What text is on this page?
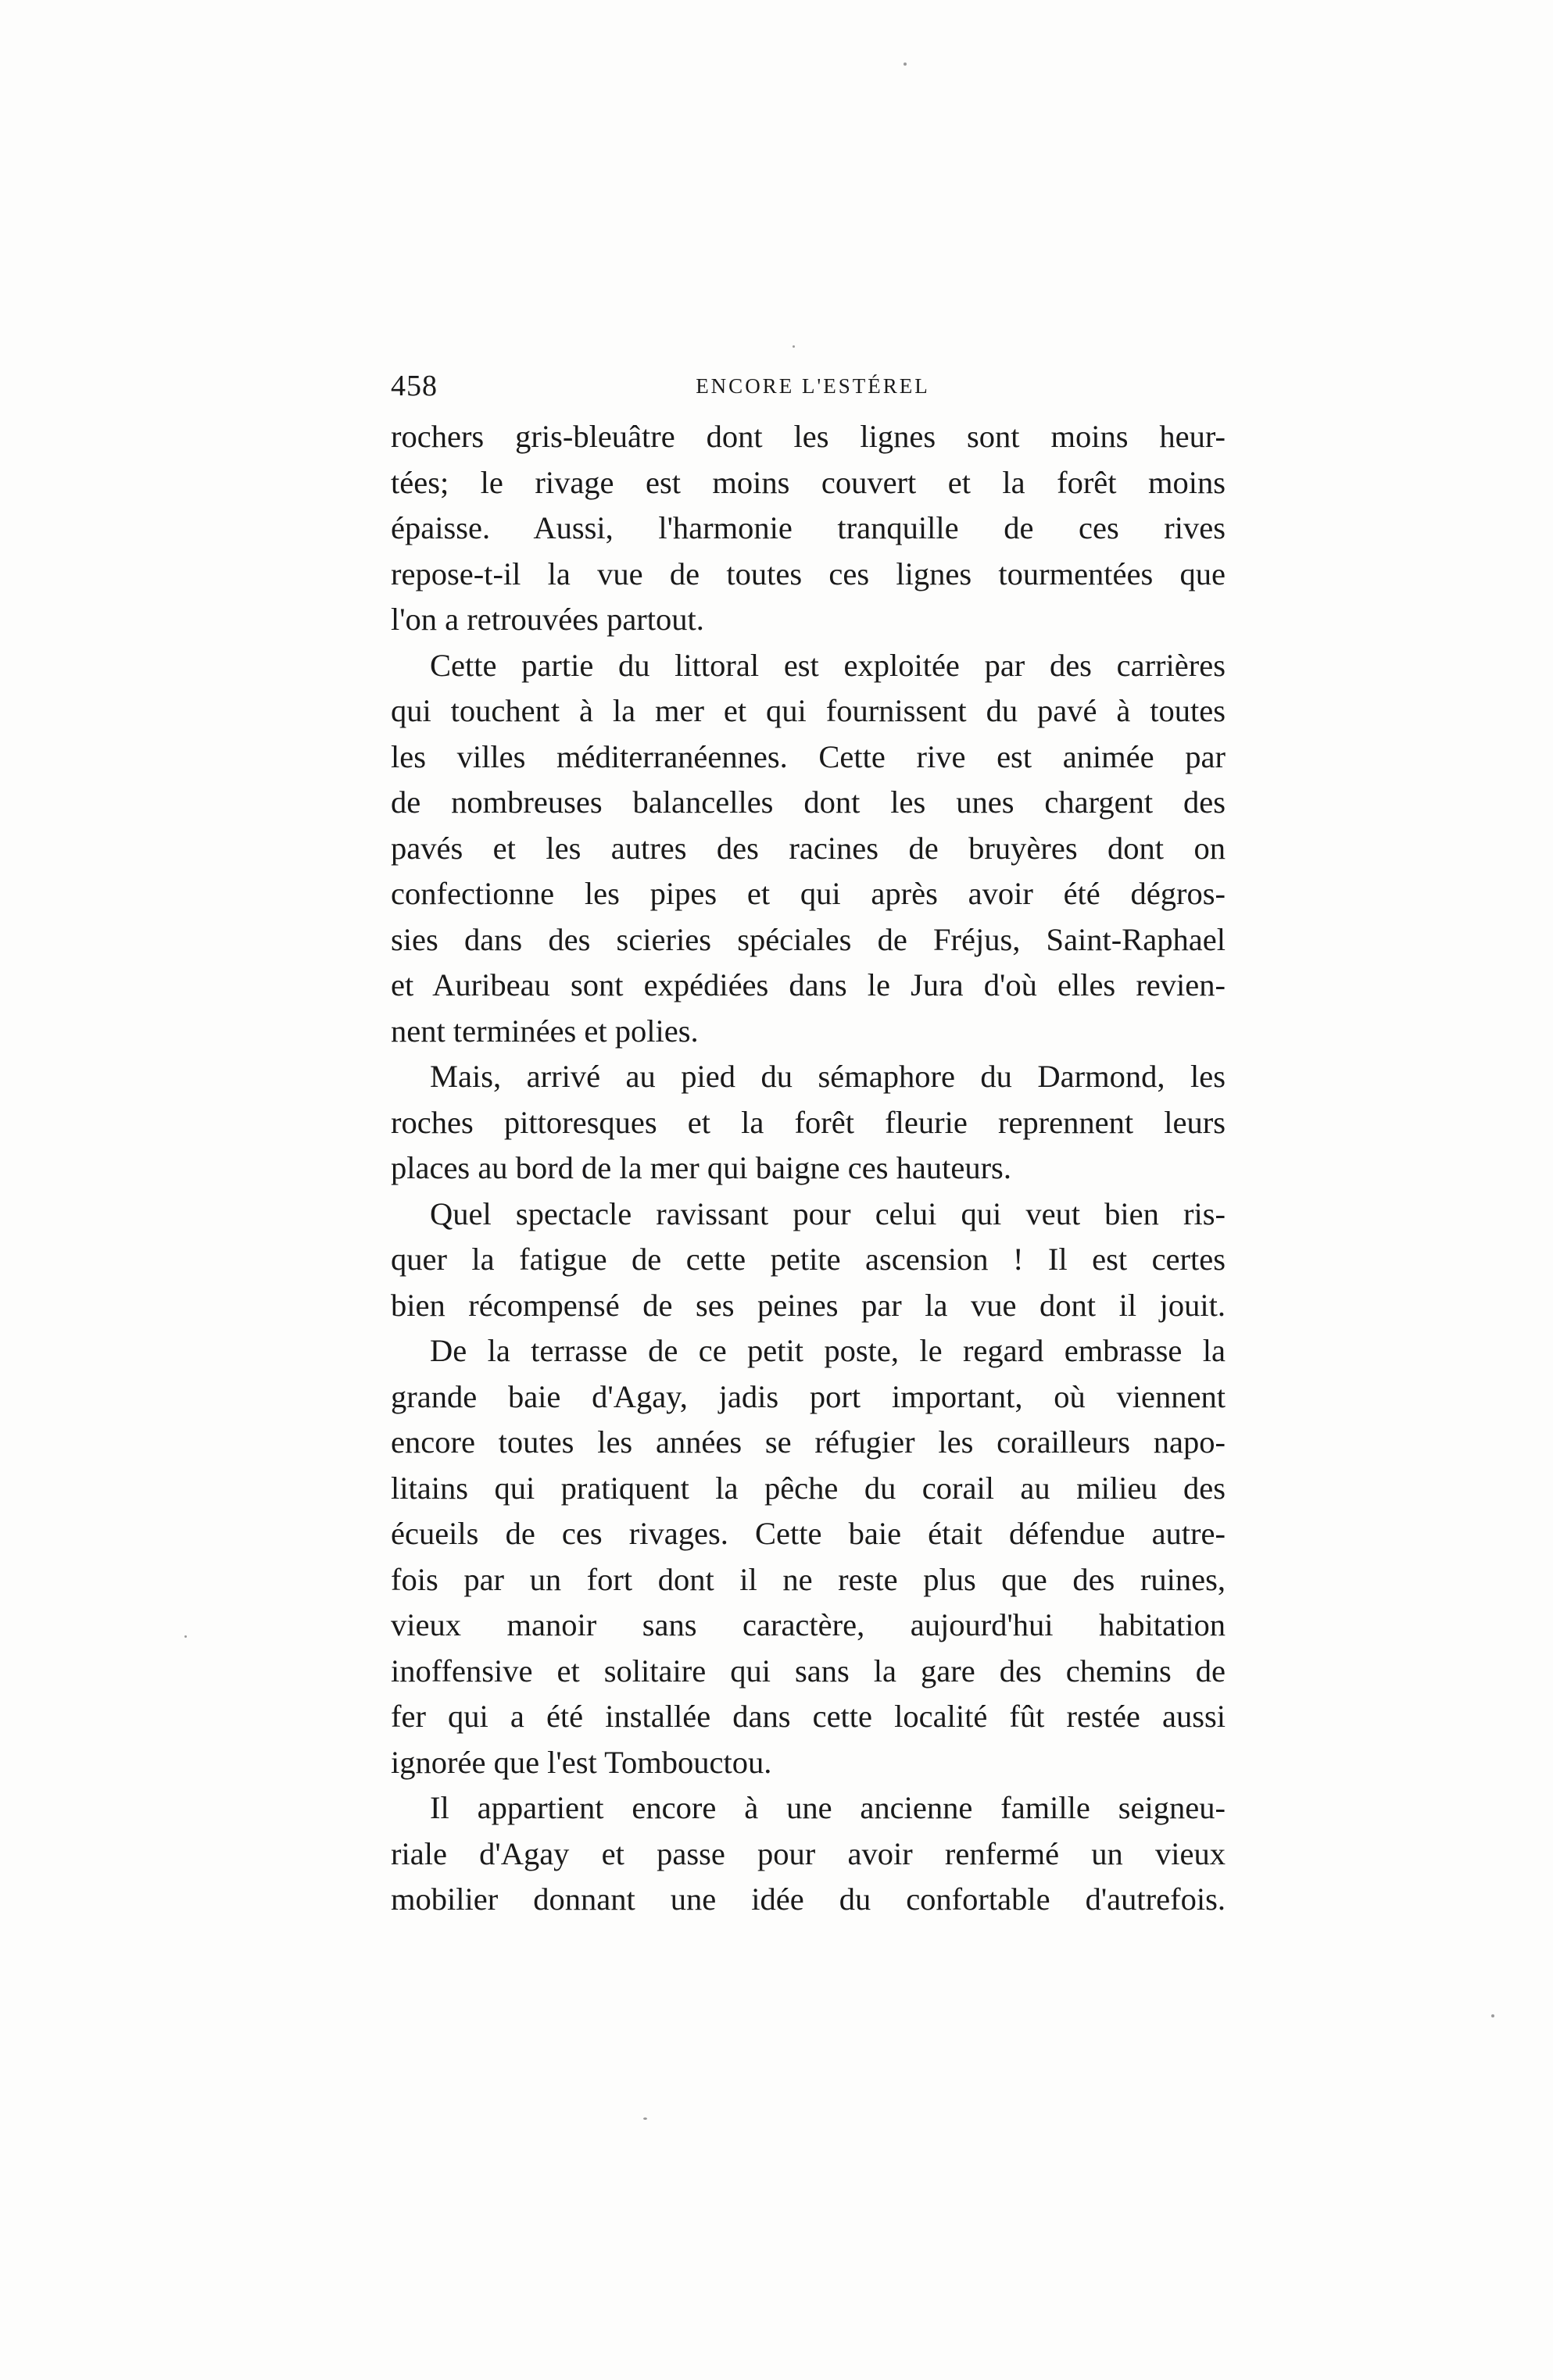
458	ENCORE L'ESTÉREL

rochers gris-bleuâtre dont les lignes sont moins heur-
tées; le rivage est moins couvert et la forêt moins
épaisse. Aussi, l'harmonie tranquille de ces rives
repose-t-il la vue de toutes ces lignes tourmentées que
l'on a retrouvées partout.

Cette partie du littoral est exploitée par des carrières
qui touchent à la mer et qui fournissent du pavé à toutes
les villes méditerranéennes. Cette rive est animée par
de nombreuses balancelles dont les unes chargent des
pavés et les autres des racines de bruyères dont on
confectionne les pipes et qui après avoir été dégros-
sies dans des scieries spéciales de Fréjus, Saint-Raphael
et Auribeau sont expédiées dans le Jura d'où elles revien-
nent terminées et polies.

Mais, arrivé au pied du sémaphore du Darmond, les
roches pittoresques et la forêt fleurie reprennent leurs
places au bord de la mer qui baigne ces hauteurs.

Quel spectacle ravissant pour celui qui veut bien ris-
quer la fatigue de cette petite ascension ! Il est certes
bien récompensé de ses peines par la vue dont il jouit.

De la terrasse de ce petit poste, le regard embrasse la
grande baie d'Agay, jadis port important, où viennent
encore toutes les années se réfugier les corailleurs napo-
litains qui pratiquent la pêche du corail au milieu des
écueils de ces rivages. Cette baie était défendue autre-
fois par un fort dont il ne reste plus que des ruines,
vieux manoir sans caractère, aujourd'hui habitation
inoffensive et solitaire qui sans la gare des chemins de
fer qui a été installée dans cette localité fût restée aussi
ignorée que l'est Tombouctou.

Il appartient encore à une ancienne famille seigneu-
riale d'Agay et passe pour avoir renfermé un vieux
mobilier donnant une idée du confortable d'autrefois.
